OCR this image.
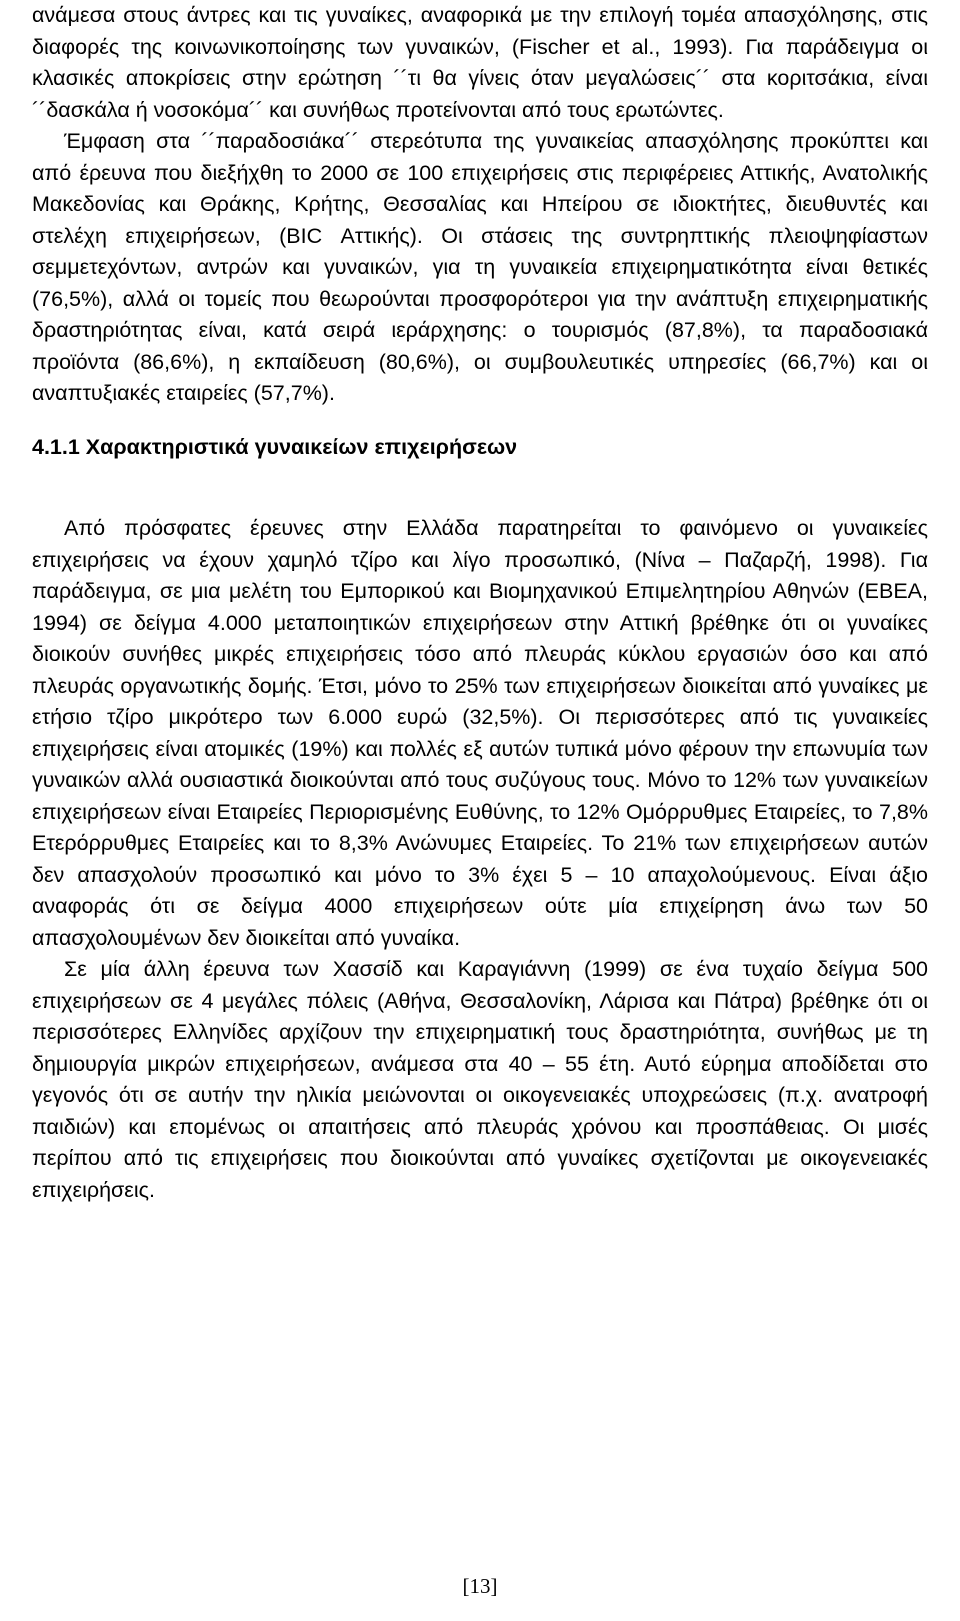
ανάμεσα στους άντρες και τις γυναίκες, αναφορικά με την επιλογή τομέα απασχόλησης, στις διαφορές της κοινωνικοποίησης των γυναικών, (Fischer et al., 1993). Για παράδειγμα οι κλασικές αποκρίσεις στην ερώτηση ´´τι θα γίνεις όταν μεγαλώσεις´´ στα κοριτσάκια, είναι ´´δασκάλα ή νοσοκόμα´´ και συνήθως προτείνονται από τους ερωτώντες.

Έμφαση στα ´´παραδοσιάκα´´ στερεότυπα της γυναικείας απασχόλησης προκύπτει και από έρευνα που διεξήχθη το 2000 σε 100 επιχειρήσεις στις περιφέρειες Αττικής, Ανατολικής Μακεδονίας και Θράκης, Κρήτης, Θεσσαλίας και Ηπείρου σε ιδιοκτήτες, διευθυντές και στελέχη επιχειρήσεων, (BIC Αττικής). Οι στάσεις της συντρηπτικής πλειοψηφίαστων σεμμετεχόντων, αντρών και γυναικών, για τη γυναικεία επιχειρηματικότητα είναι θετικές (76,5%), αλλά οι τομείς που θεωρούνται προσφορότεροι για την ανάπτυξη επιχειρηματικής δραστηριότητας είναι, κατά σειρά ιεράρχησης: ο τουρισμός (87,8%), τα παραδοσιακά προϊόντα (86,6%), η εκπαίδευση (80,6%), οι συμβουλευτικές υπηρεσίες (66,7%) και οι αναπτυξιακές εταιρείες (57,7%).

4.1.1 Χαρακτηριστικά γυναικείων επιχειρήσεων

Από πρόσφατες έρευνες στην Ελλάδα παρατηρείται το φαινόμενο οι γυναικείες επιχειρήσεις να έχουν χαμηλό τζίρο και λίγο προσωπικό, (Νίνα – Παζαρζή, 1998). Για παράδειγμα, σε μια μελέτη του Εμπορικού και Βιομηχανικού Επιμελητηρίου Αθηνών (ΕΒΕΑ, 1994) σε δείγμα 4.000 μεταποιητικών επιχειρήσεων στην Αττική βρέθηκε ότι οι γυναίκες διοικούν συνήθες μικρές επιχειρήσεις τόσο από πλευράς κύκλου εργασιών όσο και από πλευράς οργανωτικής δομής. Έτσι, μόνο το 25% των επιχειρήσεων διοικείται από γυναίκες με ετήσιο τζίρο μικρότερο των 6.000 ευρώ (32,5%). Οι περισσότερες από τις γυναικείες επιχειρήσεις είναι ατομικές (19%) και πολλές εξ αυτών τυπικά μόνο φέρουν την επωνυμία των γυναικών αλλά ουσιαστικά διοικούνται από τους συζύγους τους. Μόνο το 12% των γυναικείων επιχειρήσεων είναι Εταιρείες Περιορισμένης Ευθύνης, το 12% Ομόρρυθμες Εταιρείες, το 7,8% Ετερόρρυθμες Εταιρείες και το 8,3% Ανώνυμες Εταιρείες. Το 21% των επιχειρήσεων αυτών δεν απασχολούν προσωπικό και μόνο το 3% έχει 5 – 10 απαχολούμενους. Είναι άξιο αναφοράς ότι σε δείγμα 4000 επιχειρήσεων ούτε μία επιχείρηση άνω των 50 απασχολουμένων δεν διοικείται από γυναίκα.

Σε μία άλλη έρευνα των Χασσίδ και Καραγιάννη (1999) σε ένα τυχαίο δείγμα 500 επιχειρήσεων σε 4 μεγάλες πόλεις (Αθήνα, Θεσσαλονίκη, Λάρισα και Πάτρα) βρέθηκε ότι οι περισσότερες Ελληνίδες αρχίζουν την επιχειρηματική τους δραστηριότητα, συνήθως με τη δημιουργία μικρών επιχειρήσεων, ανάμεσα στα 40 – 55 έτη. Αυτό εύρημα αποδίδεται στο γεγονός ότι σε αυτήν την ηλικία μειώνονται οι οικογενειακές υποχρεώσεις (π.χ. ανατροφή παιδιών) και επομένως οι απαιτήσεις από πλευράς χρόνου και προσπάθειας. Οι μισές περίπου από τις επιχειρήσεις που διοικούνται από γυναίκες σχετίζονται με οικογενειακές επιχειρήσεις.

[13]
